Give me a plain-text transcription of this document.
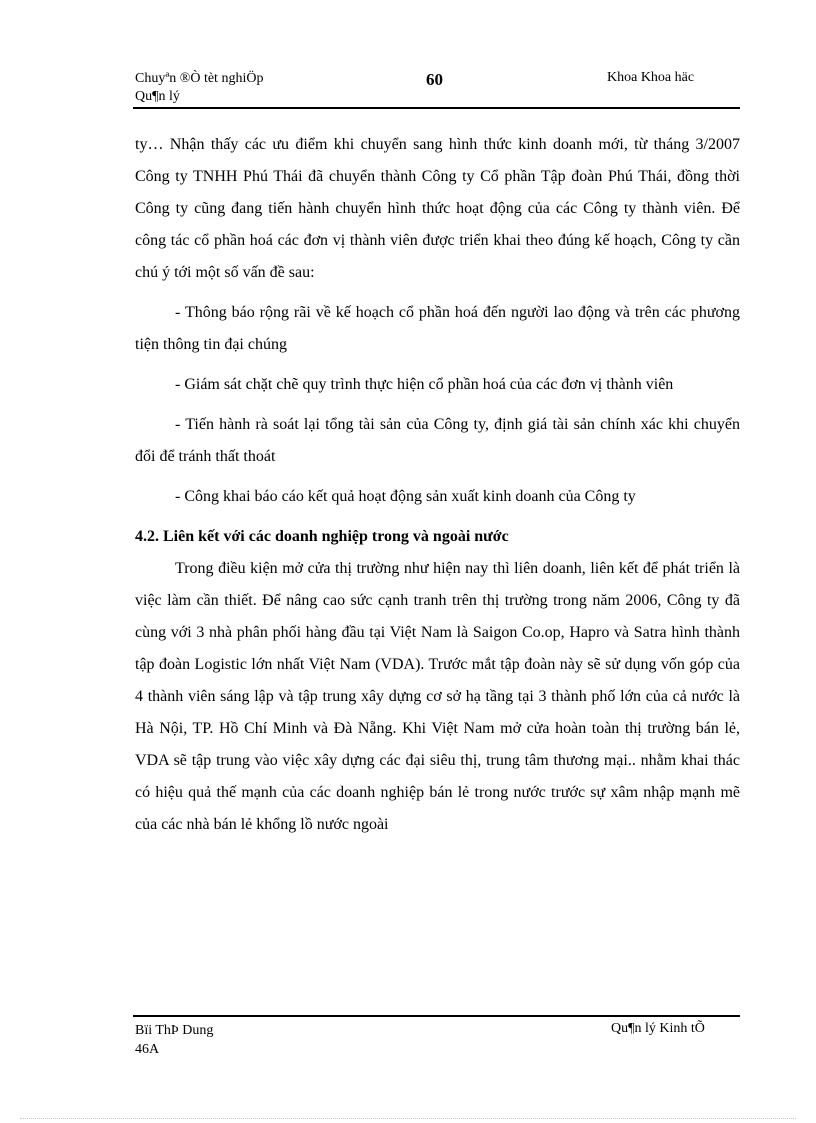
Chuyªn ®Ò tèt nghiÖp
Qu¶n lý
60	Khoa Khoa häc

ty… Nhận thấy các ưu điểm khi chuyển sang hình thức kinh doanh mới, từ tháng 3/2007 Công ty TNHH Phú Thái đã chuyển thành Công ty Cổ phần Tập đoàn Phú Thái, đồng thời Công ty cũng đang tiến hành chuyển hình thức hoạt động của các Công ty thành viên. Để công tác cổ phần hoá các đơn vị thành viên được triển khai theo đúng kế hoạch, Công ty cần chú ý tới một số vấn đề sau:

- Thông báo rộng rãi về kế hoạch cổ phần hoá đến người lao động và trên các phương tiện thông tin đại chúng

- Giám sát chặt chẽ quy trình thực hiện cổ phần hoá của các đơn vị thành viên

- Tiến hành rà soát lại tổng tài sản của Công ty, định giá tài sản chính xác khi chuyển đổi để tránh thất thoát

- Công khai báo cáo kết quả hoạt động sản xuất kinh doanh của Công ty

4.2. Liên kết với các doanh nghiệp trong và ngoài nước

Trong điều kiện mở cửa thị trường như hiện nay thì liên doanh, liên kết để phát triển là việc làm cần thiết. Để nâng cao sức cạnh tranh trên thị trường trong năm 2006, Công ty đã cùng với 3 nhà phân phối hàng đầu tại Việt Nam là Saigon Co.op, Hapro và Satra hình thành tập đoàn Logistic lớn nhất Việt Nam (VDA). Trước mắt tập đoàn này sẽ sử dụng vốn góp của 4 thành viên sáng lập và tập trung xây dựng cơ sở hạ tầng tại 3 thành phố lớn của cả nước là Hà Nội, TP. Hồ Chí Minh và Đà Nẵng. Khi Việt Nam mở cửa hoàn toàn thị trường bán lẻ, VDA sẽ tập trung vào việc xây dựng các đại siêu thị, trung tâm thương mại.. nhằm khai thác có hiệu quả thế mạnh của các doanh nghiệp bán lẻ trong nước trước sự xâm nhập mạnh mẽ của các nhà bán lẻ khổng lồ nước ngoài

Bïi ThÞ Dung
46A
Qu¶n lý Kinh tÕ
